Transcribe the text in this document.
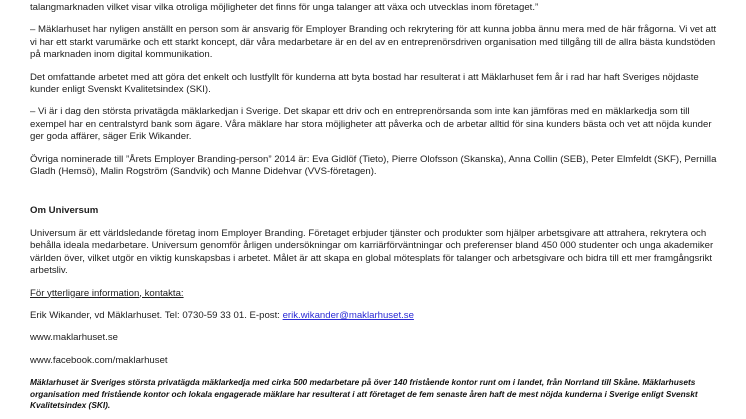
talangmarknaden vilket visar vilka otroliga möjligheter det finns för unga talanger att växa och utvecklas inom företaget.”

– Mäklarhuset har nyligen anställt en person som är ansvarig för Employer Branding och rekrytering för att kunna jobba ännu mera med de här frågorna. Vi vet att vi har ett starkt varumärke och ett starkt koncept, där våra medarbetare är en del av en entreprenörsdriven organisation med tillgång till de allra bästa kundstöden på marknaden inom digital kommunikation.

Det omfattande arbetet med att göra det enkelt och lustfyllt för kunderna att byta bostad har resulterat i att Mäklarhuset fem år i rad har haft Sveriges nöjdaste kunder enligt Svenskt Kvalitetsindex (SKI).

– Vi är i dag den största privatägda mäklarkedjan i Sverige. Det skapar ett driv och en entreprenörsanda som inte kan jämföras med en mäklarkedja som till exempel har en centralstyrd bank som ägare. Våra mäklare har stora möjligheter att påverka och de arbetar alltid för sina kunders bästa och vet att nöjda kunder ger goda affärer, säger Erik Wikander.

Övriga nominerade till ”Årets Employer Branding-person” 2014 är: Eva Gidlöf (Tieto), Pierre Olofsson (Skanska), Anna Collin (SEB), Peter Elmfeldt (SKF), Pernilla Gladh (Hemsö), Malin Rogström (Sandvik) och Manne Didehvar (VVS-företagen).

Om Universum

Universum är ett världsledande företag inom Employer Branding. Företaget erbjuder tjänster och produkter som hjälper arbetsgivare att attrahera, rekrytera och behålla ideala medarbetare. Universum genomför årligen undersökningar om karriärförväntningar och preferenser bland 450 000 studenter och unga akademiker världen över, vilket utgör en viktig kunskapsbas i arbetet. Målet är att skapa en global mötesplats för talanger och arbetsgivare och bidra till ett mer framgångsrikt arbetsliv.

För ytterligare information, kontakta:

Erik Wikander, vd Mäklarhuset. Tel: 0730-59 33 01. E-post: erik.wikander@maklarhuset.se

www.maklarhuset.se

www.facebook.com/maklarhuset

Mäklarhuset är Sveriges största privatägda mäklarkedja med cirka 500 medarbetare på över 140 fristående kontor runt om i landet, från Norrland till Skåne. Mäklarhusets organisation med fristående kontor och lokala engagerade mäklare har resulterat i att företaget de fem senaste åren haft de mest nöjda kunderna i Sverige enligt Svenskt Kvalitetsindex (SKI).
